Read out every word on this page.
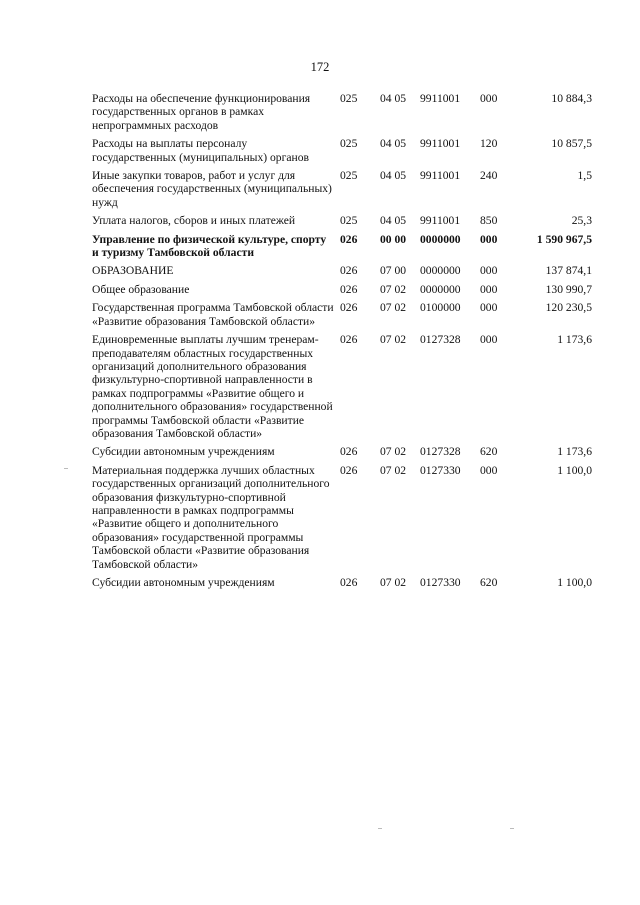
172
Расходы на обеспечение функционирования государственных органов в рамках непрограммных расходов	025	04 05	9911001	000	10 884,3
Расходы на выплаты персоналу государственных (муниципальных) органов	025	04 05	9911001	120	10 857,5
Иные закупки товаров, работ и услуг для обеспечения государственных (муниципальных) нужд	025	04 05	9911001	240	1,5
Уплата налогов, сборов и иных платежей	025	04 05	9911001	850	25,3
Управление по физической культуре, спорту и туризму Тамбовской области	026	00 00	0000000	000	1 590 967,5
ОБРАЗОВАНИЕ	026	07 00	0000000	000	137 874,1
Общее образование	026	07 02	0000000	000	130 990,7
Государственная программа Тамбовской области «Развитие образования Тамбовской области»	026	07 02	0100000	000	120 230,5
Единовременные выплаты лучшим тренерам-преподавателям областных государственных организаций дополнительного образования физкультурно-спортивной направленности в рамках подпрограммы «Развитие общего и дополнительного образования» государственной программы Тамбовской области «Развитие образования Тамбовской области»	026	07 02	0127328	000	1 173,6
Субсидии автономным учреждениям	026	07 02	0127328	620	1 173,6
Материальная поддержка лучших областных государственных организаций дополнительного образования физкультурно-спортивной направленности в рамках подпрограммы «Развитие общего и дополнительного образования» государственной программы Тамбовской области «Развитие образования Тамбовской области»	026	07 02	0127330	000	1 100,0
Субсидии автономным учреждениям	026	07 02	0127330	620	1 100,0
